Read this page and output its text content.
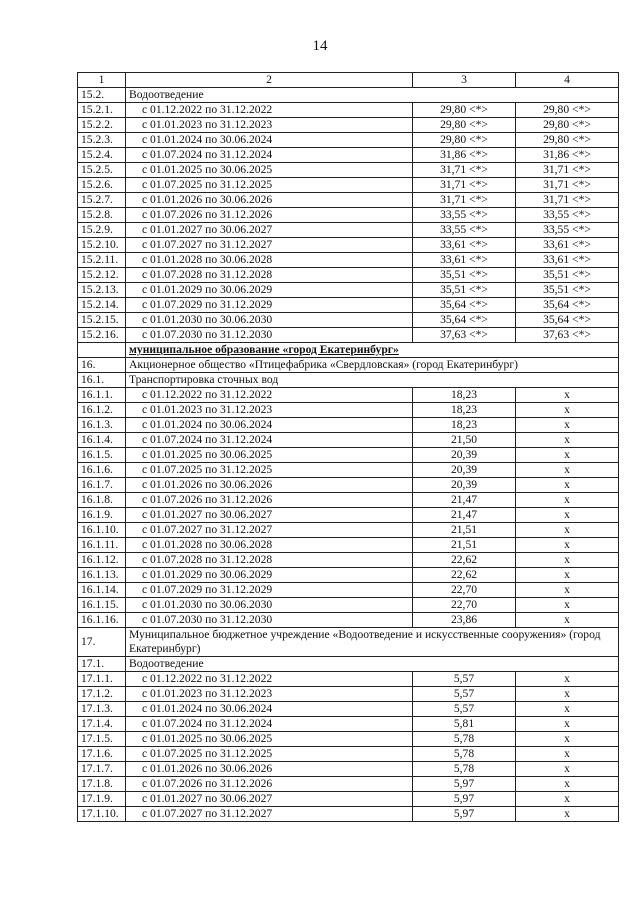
14
1	2	3	4
15.2.	Водоотведение		
15.2.1.	с 01.12.2022 по 31.12.2022	29,80 <*>	29,80 <*>
15.2.2.	с 01.01.2023 по 31.12.2023	29,80 <*>	29,80 <*>
15.2.3.	с 01.01.2024 по 30.06.2024	29,80 <*>	29,80 <*>
15.2.4.	с 01.07.2024 по 31.12.2024	31,86 <*>	31,86 <*>
15.2.5.	с 01.01.2025 по 30.06.2025	31,71 <*>	31,71 <*>
15.2.6.	с 01.07.2025 по 31.12.2025	31,71 <*>	31,71 <*>
15.2.7.	с 01.01.2026 по 30.06.2026	31,71 <*>	31,71 <*>
15.2.8.	с 01.07.2026 по 31.12.2026	33,55 <*>	33,55 <*>
15.2.9.	с 01.01.2027 по 30.06.2027	33,55 <*>	33,55 <*>
15.2.10.	с 01.07.2027 по 31.12.2027	33,61 <*>	33,61 <*>
15.2.11.	с 01.01.2028 по 30.06.2028	33,61 <*>	33,61 <*>
15.2.12.	с 01.07.2028 по 31.12.2028	35,51 <*>	35,51 <*>
15.2.13.	с 01.01.2029 по 30.06.2029	35,51 <*>	35,51 <*>
15.2.14.	с 01.07.2029 по 31.12.2029	35,64 <*>	35,64 <*>
15.2.15.	с 01.01.2030 по 30.06.2030	35,64 <*>	35,64 <*>
15.2.16.	с 01.07.2030 по 31.12.2030	37,63 <*>	37,63 <*>
	муниципальное образование «город Екатеринбург»		
16.	Акционерное общество «Птицефабрика «Свердловская» (город Екатеринбург)		
16.1.	Транспортировка сточных вод		
16.1.1.	с 01.12.2022 по 31.12.2022	18,23	х
16.1.2.	с 01.01.2023 по 31.12.2023	18,23	х
16.1.3.	с 01.01.2024 по 30.06.2024	18,23	х
16.1.4.	с 01.07.2024 по 31.12.2024	21,50	х
16.1.5.	с 01.01.2025 по 30.06.2025	20,39	х
16.1.6.	с 01.07.2025 по 31.12.2025	20,39	х
16.1.7.	с 01.01.2026 по 30.06.2026	20,39	х
16.1.8.	с 01.07.2026 по 31.12.2026	21,47	х
16.1.9.	с 01.01.2027 по 30.06.2027	21,47	х
16.1.10.	с 01.07.2027 по 31.12.2027	21,51	х
16.1.11.	с 01.01.2028 по 30.06.2028	21,51	х
16.1.12.	с 01.07.2028 по 31.12.2028	22,62	х
16.1.13.	с 01.01.2029 по 30.06.2029	22,62	х
16.1.14.	с 01.07.2029 по 31.12.2029	22,70	х
16.1.15.	с 01.01.2030 по 30.06.2030	22,70	х
16.1.16.	с 01.07.2030 по 31.12.2030	23,86	х
17.	Муниципальное бюджетное учреждение «Водоотведение и искусственные сооружения» (город Екатеринбург)		
17.1.	Водоотведение		
17.1.1.	с 01.12.2022 по 31.12.2022	5,57	х
17.1.2.	с 01.01.2023 по 31.12.2023	5,57	х
17.1.3.	с 01.01.2024 по 30.06.2024	5,57	х
17.1.4.	с 01.07.2024 по 31.12.2024	5,81	х
17.1.5.	с 01.01.2025 по 30.06.2025	5,78	х
17.1.6.	с 01.07.2025 по 31.12.2025	5,78	х
17.1.7.	с 01.01.2026 по 30.06.2026	5,78	х
17.1.8.	с 01.07.2026 по 31.12.2026	5,97	х
17.1.9.	с 01.01.2027 по 30.06.2027	5,97	х
17.1.10.	с 01.07.2027 по 31.12.2027	5,97	х
